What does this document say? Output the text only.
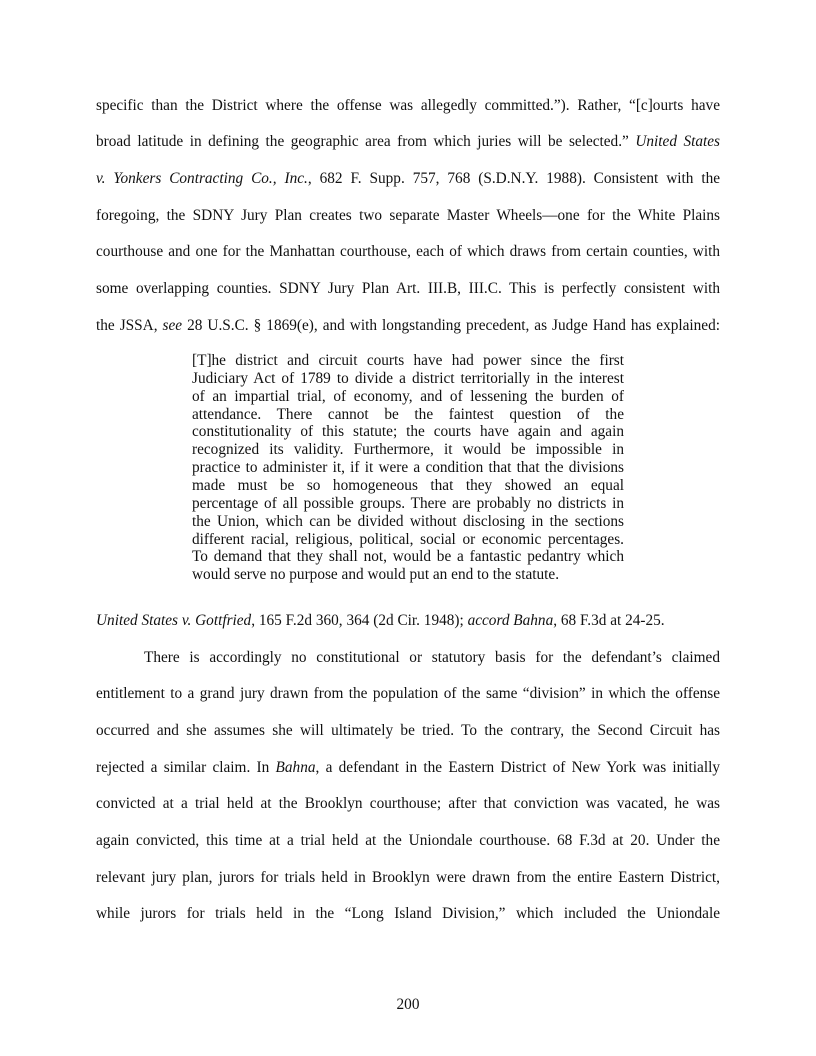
specific than the District where the offense was allegedly committed.”). Rather, “[c]ourts have
broad latitude in defining the geographic area from which juries will be selected.” United States
v. Yonkers Contracting Co., Inc., 682 F. Supp. 757, 768 (S.D.N.Y. 1988). Consistent with the
foregoing, the SDNY Jury Plan creates two separate Master Wheels—one for the White Plains
courthouse and one for the Manhattan courthouse, each of which draws from certain counties, with
some overlapping counties. SDNY Jury Plan Art. III.B, III.C. This is perfectly consistent with
the JSSA, see 28 U.S.C. § 1869(e), and with longstanding precedent, as Judge Hand has explained:
[T]he district and circuit courts have had power since the first
Judiciary Act of 1789 to divide a district territorially in the interest
of an impartial trial, of economy, and of lessening the burden of
attendance. There cannot be the faintest question of the
constitutionality of this statute; the courts have again and again
recognized its validity. Furthermore, it would be impossible in
practice to administer it, if it were a condition that that the divisions
made must be so homogeneous that they showed an equal
percentage of all possible groups. There are probably no districts in
the Union, which can be divided without disclosing in the sections
different racial, religious, political, social or economic percentages.
To demand that they shall not, would be a fantastic pedantry which
would serve no purpose and would put an end to the statute.
United States v. Gottfried, 165 F.2d 360, 364 (2d Cir. 1948); accord Bahna, 68 F.3d at 24-25.
There is accordingly no constitutional or statutory basis for the defendant’s claimed
entitlement to a grand jury drawn from the population of the same “division” in which the offense
occurred and she assumes she will ultimately be tried. To the contrary, the Second Circuit has
rejected a similar claim. In Bahna, a defendant in the Eastern District of New York was initially
convicted at a trial held at the Brooklyn courthouse; after that conviction was vacated, he was
again convicted, this time at a trial held at the Uniondale courthouse. 68 F.3d at 20. Under the
relevant jury plan, jurors for trials held in Brooklyn were drawn from the entire Eastern District,
while jurors for trials held in the “Long Island Division,” which included the Uniondale
200
